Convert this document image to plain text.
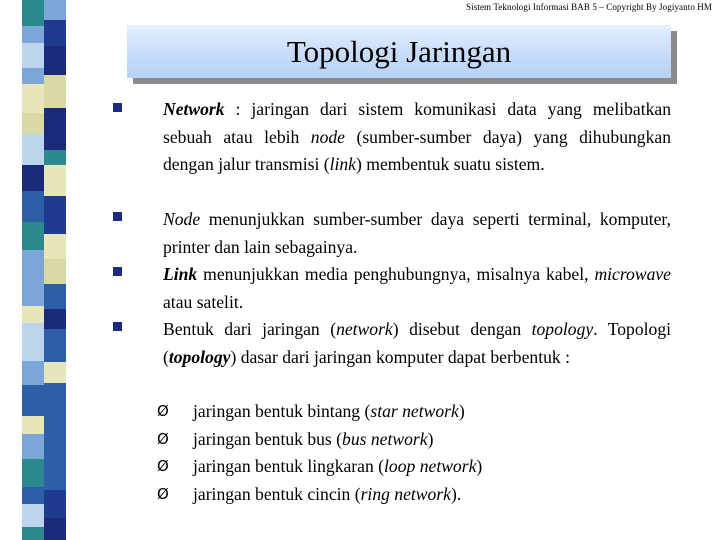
Sistem Teknologi Informasi BAB 5 – Copyright By Jogiyanto HM
Topologi Jaringan
Network : jaringan dari sistem komunikasi data yang melibatkan sebuah atau lebih node (sumber-sumber daya) yang dihubungkan dengan jalur transmisi (link) membentuk suatu sistem.
Node menunjukkan sumber-sumber daya seperti terminal, komputer, printer dan lain sebagainya.
Link menunjukkan media penghubungnya, misalnya kabel, microwave atau satelit.
Bentuk dari jaringan (network) disebut dengan topology. Topologi (topology) dasar dari jaringan komputer dapat berbentuk :
Ø	jaringan bentuk bintang (star network)
Ø	jaringan bentuk bus (bus network)
Ø	jaringan bentuk lingkaran (loop network)
Ø	jaringan bentuk cincin (ring network).
